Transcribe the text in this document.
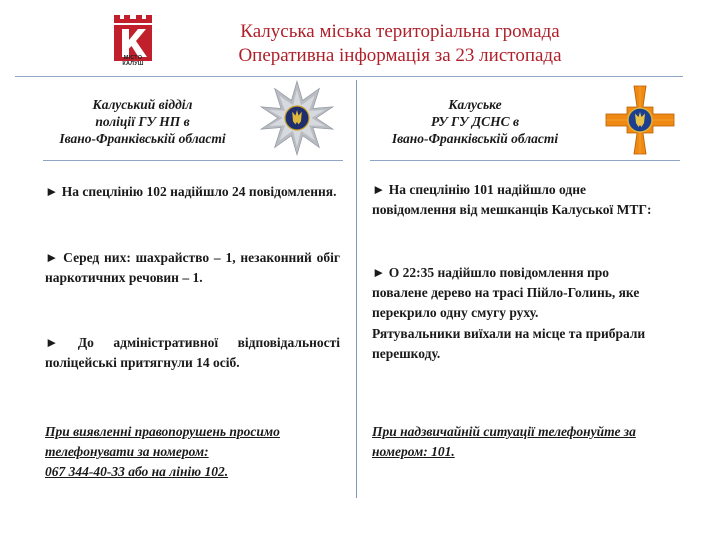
МІСТО
КАЛУШ
Калуська міська територіальна громада
Оперативна інформація за 23 листопада
Калуський відділ
поліції ГУ НП в
Івано-Франківській області
Калуське
РУ ГУ ДСНС в
Івано-Франківській області

► На спецлінію 102 надійшло 24 повідомлення.

► Серед них: шахрайство – 1, незаконний обіг наркотичних речовин – 1.

► До адміністративної відповідальності поліцейські притягнули 14 осіб.

При виявленні правопорушень просимо телефонувати за номером:

067 344-40-33 або на лінію 102.

► На спецлінію 101 надійшло одне повідомлення від мешканців Калуської МТГ:

► О 22:35 надійшло повідомлення про повалене дерево на трасі Пійло-Голинь, яке перекрило одну смугу руху.

Рятувальники виїхали на місце та прибрали перешкоду.

При надзвичайній ситуації телефонуйте за номером: 101.
